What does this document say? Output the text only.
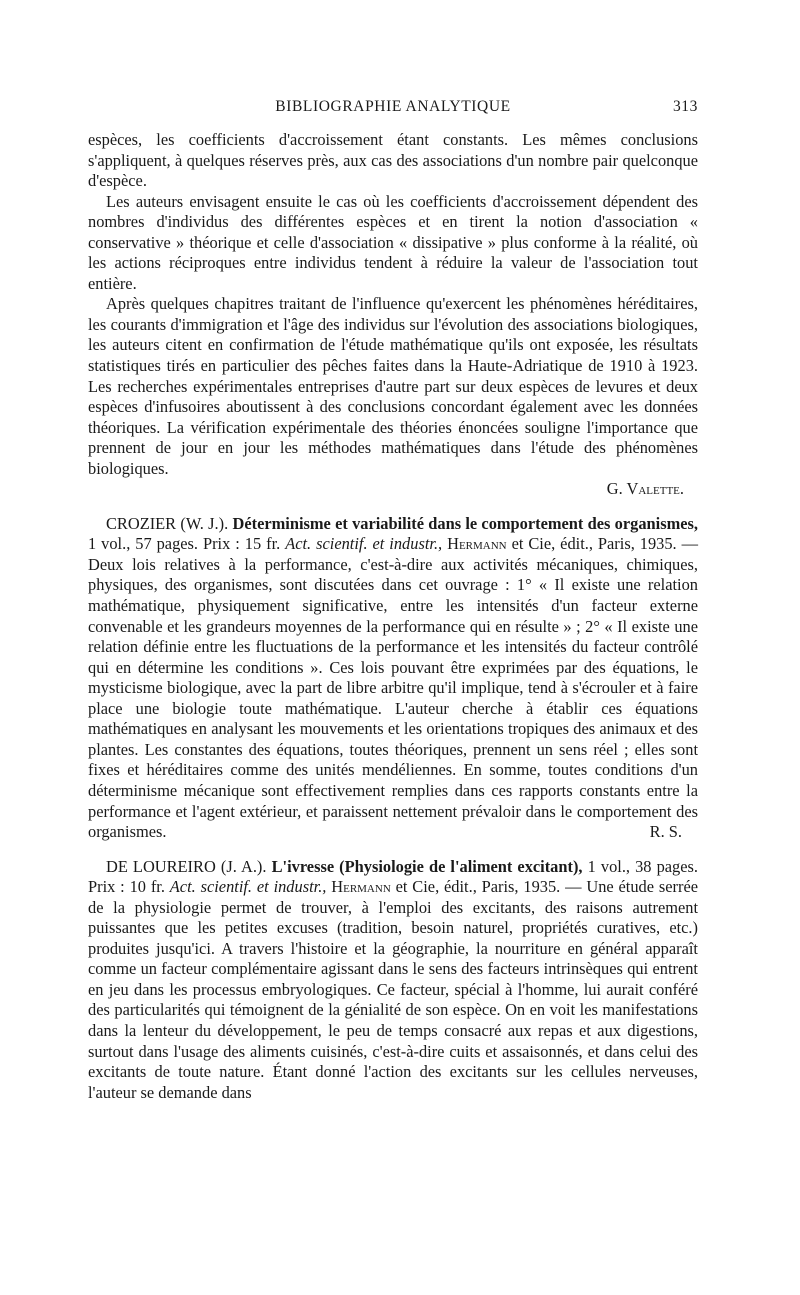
BIBLIOGRAPHIE ANALYTIQUE	313

espèces, les coefficients d'accroissement étant constants. Les mêmes conclusions s'appliquent, à quelques réserves près, aux cas des associations d'un nombre pair quelconque d'espèce.

Les auteurs envisagent ensuite le cas où les coefficients d'accroissement dépendent des nombres d'individus des différentes espèces et en tirent la notion d'association « conservative » théorique et celle d'association « dissipative » plus conforme à la réalité, où les actions réciproques entre individus tendent à réduire la valeur de l'association tout entière.

Après quelques chapitres traitant de l'influence qu'exercent les phénomènes héréditaires, les courants d'immigration et l'âge des individus sur l'évolution des associations biologiques, les auteurs citent en confirmation de l'étude mathématique qu'ils ont exposée, les résultats statistiques tirés en particulier des pêches faites dans la Haute-Adriatique de 1910 à 1923. Les recherches expérimentales entreprises d'autre part sur deux espèces de levures et deux espèces d'infusoires aboutissent à des conclusions concordant également avec les données théoriques. La vérification expérimentale des théories énoncées souligne l'importance que prennent de jour en jour les méthodes mathématiques dans l'étude des phénomènes biologiques.

G. Valette.

CROZIER (W. J.). Déterminisme et variabilité dans le comportement des organismes, 1 vol., 57 pages. Prix : 15 fr. Act. scientif. et industr., Hermann et Cie, édit., Paris, 1935. — Deux lois relatives à la performance, c'est-à-dire aux activités mécaniques, chimiques, physiques, des organismes, sont discutées dans cet ouvrage : 1° « Il existe une relation mathématique, physiquement significative, entre les intensités d'un facteur externe convenable et les grandeurs moyennes de la performance qui en résulte » ; 2° « Il existe une relation définie entre les fluctuations de la performance et les intensités du facteur contrôlé qui en détermine les conditions ». Ces lois pouvant être exprimées par des équations, le mysticisme biologique, avec la part de libre arbitre qu'il implique, tend à s'écrouler et à faire place une biologie toute mathématique. L'auteur cherche à établir ces équations mathématiques en analysant les mouvements et les orientations tropiques des animaux et des plantes. Les constantes des équations, toutes théoriques, prennent un sens réel ; elles sont fixes et héréditaires comme des unités mendéliennes. En somme, toutes conditions d'un déterminisme mécanique sont effectivement remplies dans ces rapports constants entre la performance et l'agent extérieur, et paraissent nettement prévaloir dans le comportement des organismes.	R. S.

DE LOUREIRO (J. A.). L'ivresse (Physiologie de l'aliment excitant), 1 vol., 38 pages. Prix : 10 fr. Act. scientif. et industr., Hermann et Cie, édit., Paris, 1935. — Une étude serrée de la physiologie permet de trouver, à l'emploi des excitants, des raisons autrement puissantes que les petites excuses (tradition, besoin naturel, propriétés curatives, etc.) produites jusqu'ici. A travers l'histoire et la géographie, la nourriture en général apparaît comme un facteur complémentaire agissant dans le sens des facteurs intrinsèques qui entrent en jeu dans les processus embryologiques. Ce facteur, spécial à l'homme, lui aurait conféré des particularités qui témoignent de la génialité de son espèce. On en voit les manifestations dans la lenteur du développement, le peu de temps consacré aux repas et aux digestions, surtout dans l'usage des aliments cuisinés, c'est-à-dire cuits et assaisonnés, et dans celui des excitants de toute nature. Étant donné l'action des excitants sur les cellules nerveuses, l'auteur se demande dans
